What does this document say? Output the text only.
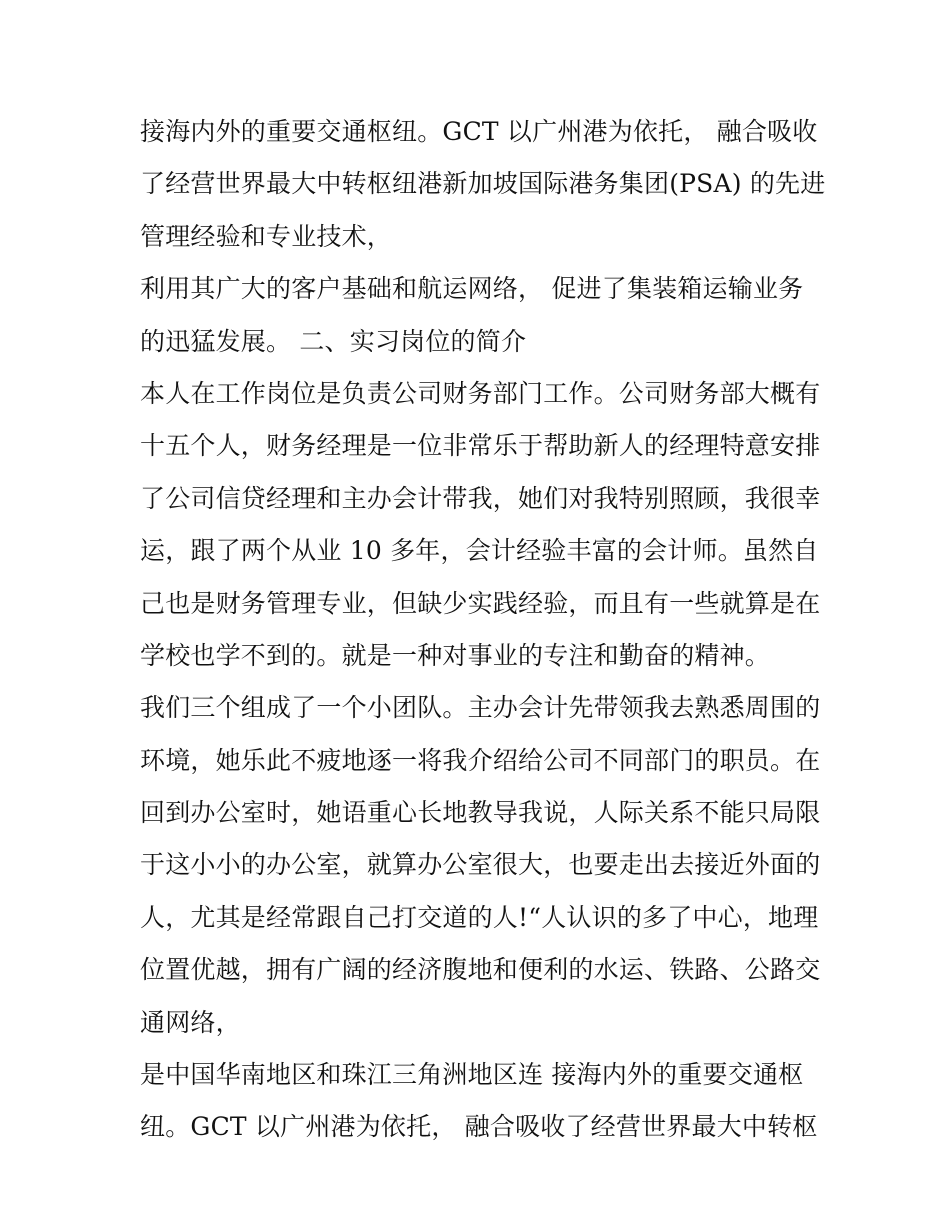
接海内外的重要交通枢纽。GCT 以广州港为依托， 融合吸收
了经营世界最大中转枢纽港新加坡国际港务集团(PSA) 的先进
管理经验和专业技术，
利用其广大的客户基础和航运网络， 促进了集装箱运输业务
的迅猛发展。 二、实习岗位的简介
本人在工作岗位是负责公司财务部门工作。公司财务部大概有
十五个人，财务经理是一位非常乐于帮助新人的经理特意安排
了公司信贷经理和主办会计带我，她们对我特别照顾，我很幸
运，跟了两个从业 10 多年，会计经验丰富的会计师。虽然自
己也是财务管理专业，但缺少实践经验，而且有一些就算是在
学校也学不到的。就是一种对事业的专注和勤奋的精神。
我们三个组成了一个小团队。主办会计先带领我去熟悉周围的
环境，她乐此不疲地逐一将我介绍给公司不同部门的职员。在
回到办公室时，她语重心长地教导我说，人际关系不能只局限
于这小小的办公室，就算办公室很大，也要走出去接近外面的
人，尤其是经常跟自己打交道的人!“人认识的多了中心，地理
位置优越，拥有广阔的经济腹地和便利的水运、铁路、公路交
通网络，
是中国华南地区和珠江三角洲地区连 接海内外的重要交通枢
纽。GCT 以广州港为依托， 融合吸收了经营世界最大中转枢
